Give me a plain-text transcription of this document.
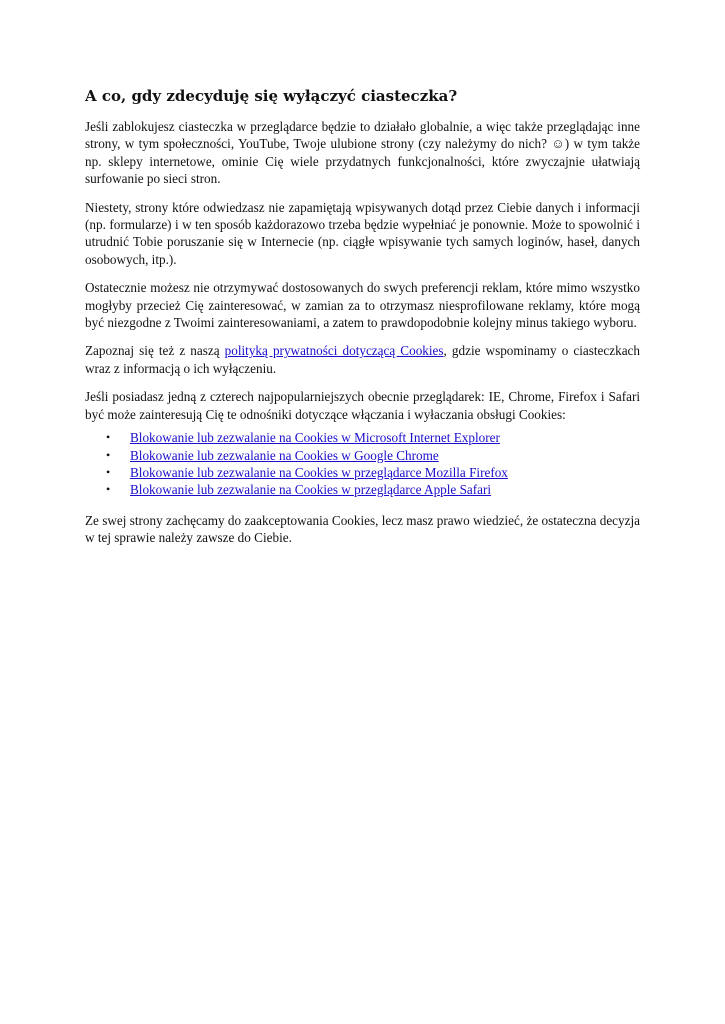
A co, gdy zdecyduję się wyłączyć ciasteczka?

Jeśli zablokujesz ciasteczka w przeglądarce będzie to działało globalnie, a więc także przeglądając inne strony, w tym społeczności, YouTube, Twoje ulubione strony (czy należymy do nich? ☺) w tym także np. sklepy internetowe, ominie Cię wiele przydatnych funkcjonalności, które zwyczajnie ułatwiają surfowanie po sieci stron.

Niestety, strony które odwiedzasz nie zapamiętają wpisywanych dotąd przez Ciebie danych i informacji (np. formularze) i w ten sposób każdorazowo trzeba będzie wypełniać je ponownie. Może to spowolnić i utrudnić Tobie poruszanie się w Internecie (np. ciągłe wpisywanie tych samych loginów, haseł, danych osobowych, itp.).

Ostatecznie możesz nie otrzymywać dostosowanych do swych preferencji reklam, które mimo wszystko mogłyby przecież Cię zainteresować, w zamian za to otrzymasz niesprofilowane reklamy, które mogą być niezgodne z Twoimi zainteresowaniami, a zatem to prawdopodobnie kolejny minus takiego wyboru.

Zapoznaj się też z naszą polityką prywatności dotyczącą Cookies, gdzie wspominamy o ciasteczkach wraz z informacją o ich wyłączeniu.

Jeśli posiadasz jedną z czterech najpopularniejszych obecnie przeglądarek: IE, Chrome, Firefox i Safari być może zainteresują Cię te odnośniki dotyczące włączania i wyłaczania obsługi Cookies:

• Blokowanie lub zezwalanie na Cookies w Microsoft Internet Explorer
• Blokowanie lub zezwalanie na Cookies w Google Chrome
• Blokowanie lub zezwalanie na Cookies w przeglądarce Mozilla Firefox
• Blokowanie lub zezwalanie na Cookies w przeglądarce Apple Safari

Ze swej strony zachęcamy do zaakceptowania Cookies, lecz masz prawo wiedzieć, że ostateczna decyzja w tej sprawie należy zawsze do Ciebie.
